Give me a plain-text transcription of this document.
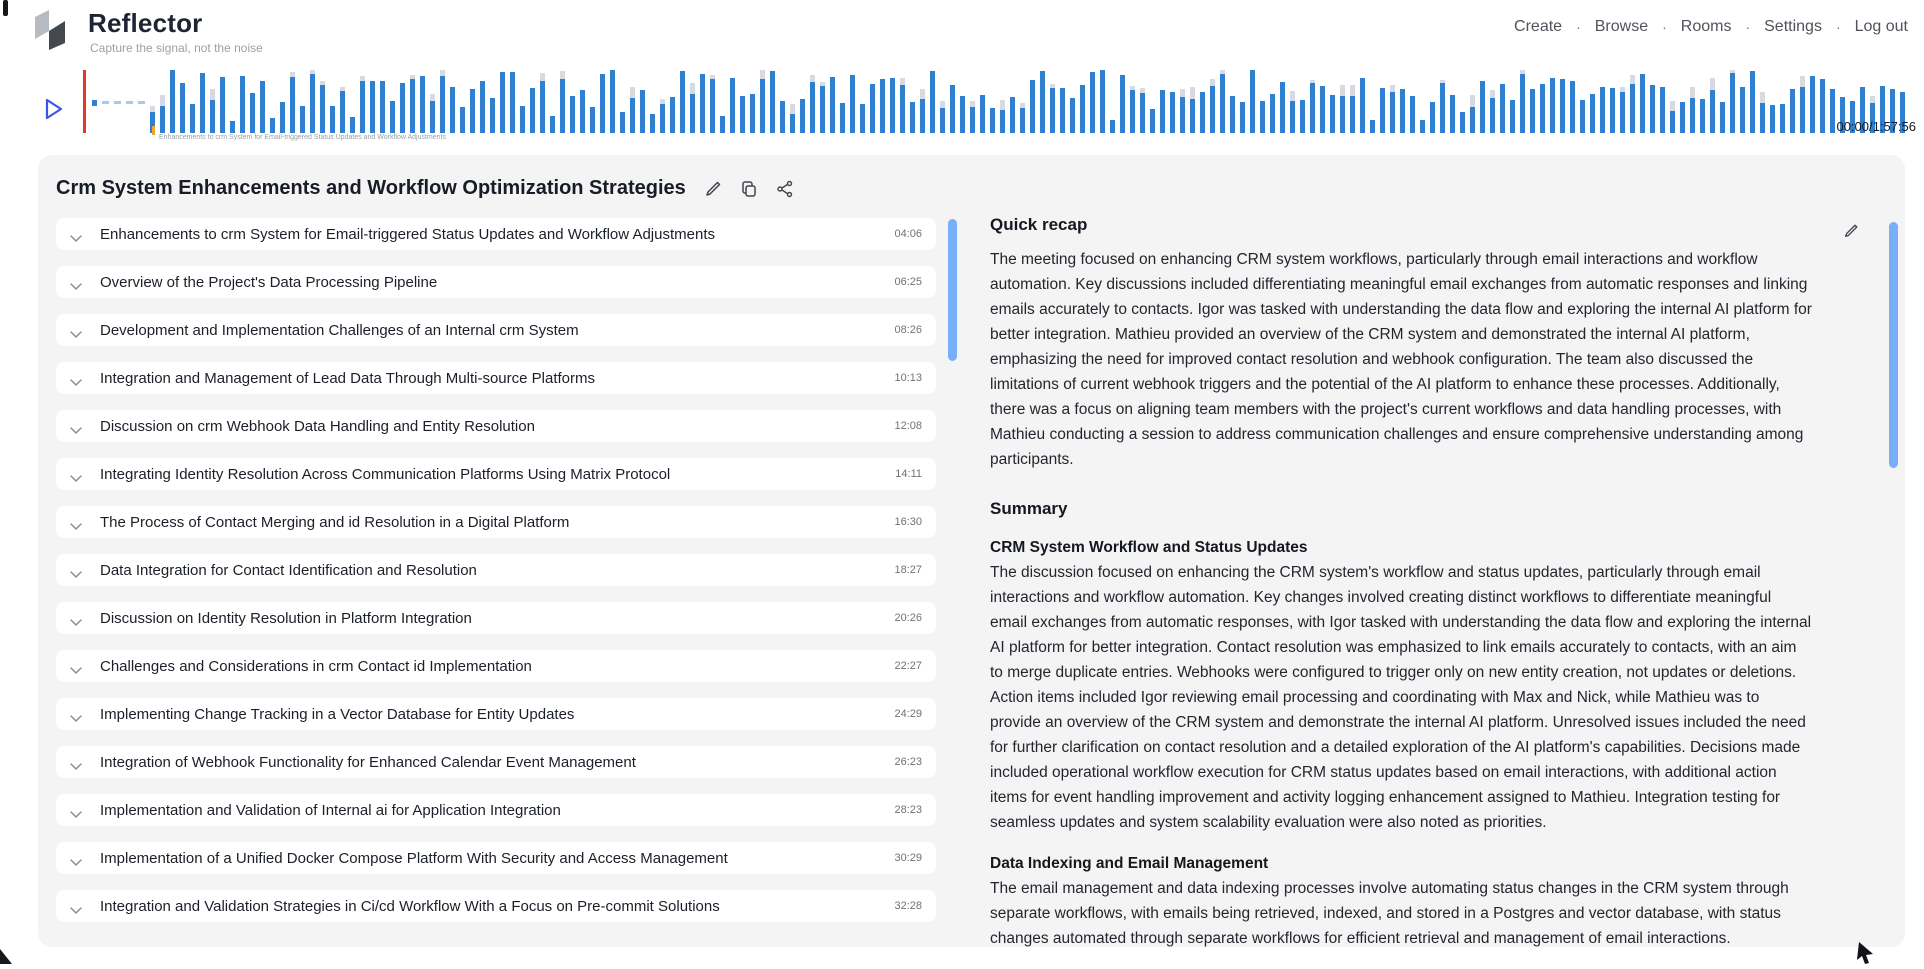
Reflector
Capture the signal, not the noise
Create · Browse · Rooms · Settings · Log out
00:00/1:57:56
Enhancements to crm System for Email-triggered Status Updates and Workflow Adjustments
Crm System Enhancements and Workflow Optimization Strategies
Enhancements to crm System for Email-triggered Status Updates and Workflow Adjustments	04:06
Overview of the Project's Data Processing Pipeline	06:25
Development and Implementation Challenges of an Internal crm System	08:26
Integration and Management of Lead Data Through Multi-source Platforms	10:13
Discussion on crm Webhook Data Handling and Entity Resolution	12:08
Integrating Identity Resolution Across Communication Platforms Using Matrix Protocol	14:11
The Process of Contact Merging and id Resolution in a Digital Platform	16:30
Data Integration for Contact Identification and Resolution	18:27
Discussion on Identity Resolution in Platform Integration	20:26
Challenges and Considerations in crm Contact id Implementation	22:27
Implementing Change Tracking in a Vector Database for Entity Updates	24:29
Integration of Webhook Functionality for Enhanced Calendar Event Management	26:23
Implementation and Validation of Internal ai for Application Integration	28:23
Implementation of a Unified Docker Compose Platform With Security and Access Management	30:29
Integration and Validation Strategies in Ci/cd Workflow With a Focus on Pre-commit Solutions	32:28
Quick recap
The meeting focused on enhancing CRM system workflows, particularly through email interactions and workflow automation. Key discussions included differentiating meaningful email exchanges from automatic responses and linking emails accurately to contacts. Igor was tasked with understanding the data flow and exploring the internal AI platform for better integration. Mathieu provided an overview of the CRM system and demonstrated the internal AI platform, emphasizing the need for improved contact resolution and webhook configuration. The team also discussed the limitations of current webhook triggers and the potential of the AI platform to enhance these processes. Additionally, there was a focus on aligning team members with the project's current workflows and data handling processes, with Mathieu conducting a session to address communication challenges and ensure comprehensive understanding among participants.
Summary
CRM System Workflow and Status Updates
The discussion focused on enhancing the CRM system's workflow and status updates, particularly through email interactions and workflow automation. Key changes involved creating distinct workflows to differentiate meaningful email exchanges from automatic responses, with Igor tasked with understanding the data flow and exploring the internal AI platform for better integration. Contact resolution was emphasized to link emails accurately to contacts, with an aim to merge duplicate entries. Webhooks were configured to trigger only on new entity creation, not updates or deletions. Action items included Igor reviewing email processing and coordinating with Max and Nick, while Mathieu was to provide an overview of the CRM system and demonstrate the internal AI platform. Unresolved issues included the need for further clarification on contact resolution and a detailed exploration of the AI platform's capabilities. Decisions made included operational workflow execution for CRM status updates based on email interactions, with additional action items for event handling improvement and activity logging enhancement assigned to Mathieu. Integration testing for seamless updates and system scalability evaluation were also noted as priorities.
Data Indexing and Email Management
The email management and data indexing processes involve automating status changes in the CRM system through separate workflows, with emails being retrieved, indexed, and stored in a Postgres and vector database, with status changes automated through separate workflows for efficient retrieval and management of email interactions.
